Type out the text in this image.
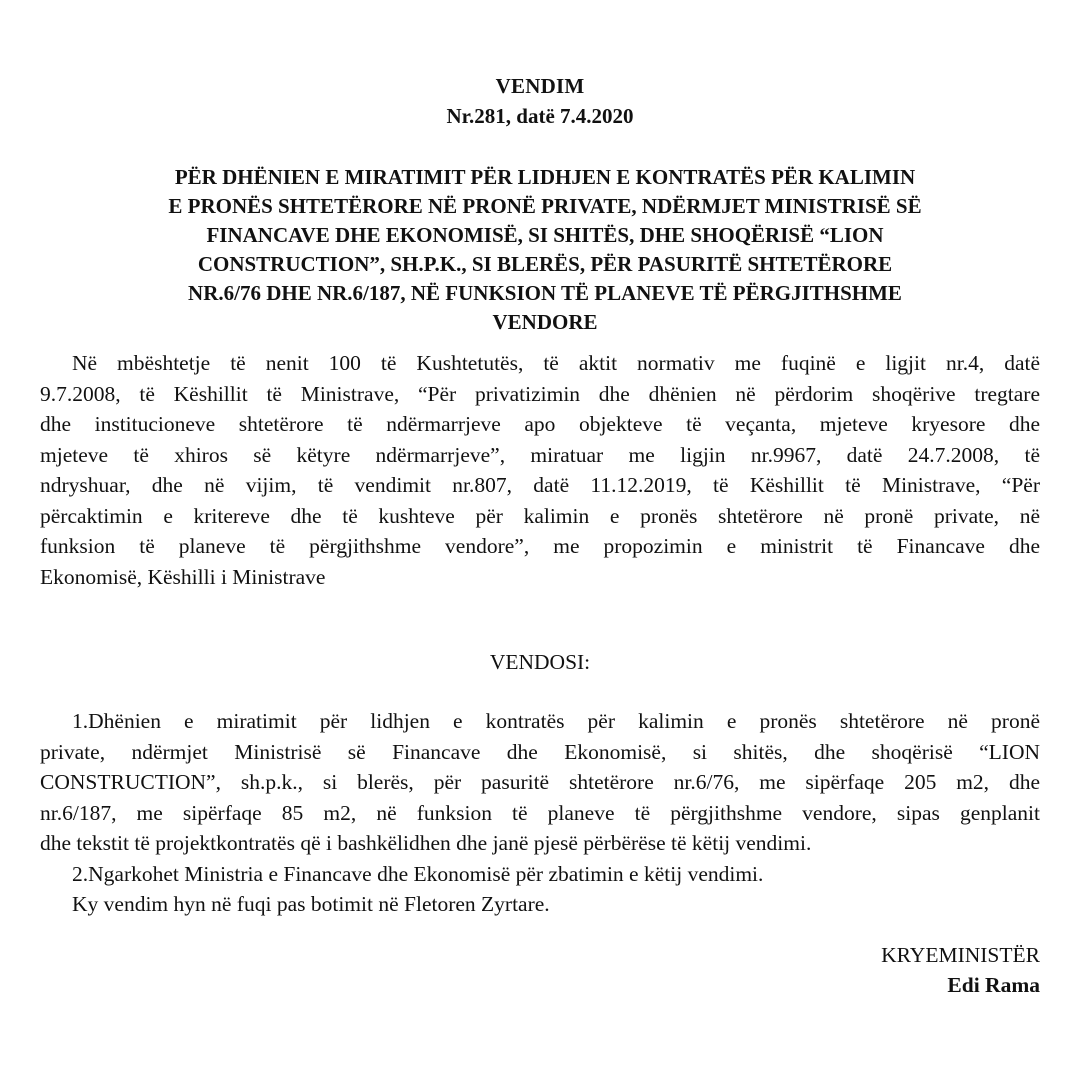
VENDIM
Nr.281, datë 7.4.2020
PËR DHËNIEN E MIRATIMIT PËR LIDHJEN E KONTRATËS PËR KALIMIN
E PRONËS SHTETËRORE NË PRONË PRIVATE, NDËRMJET MINISTRISË SË
FINANCAVE DHE EKONOMISË, SI SHITËS, DHE SHOQËRISË “LION
CONSTRUCTION”, SH.P.K., SI BLERËS, PËR PASURITË SHTETËRORE
NR.6/76 DHE NR.6/187, NË FUNKSION TË PLANEVE TË PËRGJITHSHME
VENDORE
Në mbështetje të nenit 100 të Kushtetutës, të aktit normativ me fuqinë e ligjit nr.4, datë
9.7.2008, të Këshillit të Ministrave, “Për privatizimin dhe dhënien në përdorim shoqërive tregtare
dhe institucioneve shtetërore të ndërmarrjeve apo objekteve të veçanta, mjeteve kryesore dhe
mjeteve të xhiros së këtyre ndërmarrjeve”, miratuar me ligjin nr.9967, datë 24.7.2008, të
ndryshuar, dhe në vijim, të vendimit nr.807, datë 11.12.2019, të Këshillit të Ministrave, “Për
përcaktimin e kritereve dhe të kushteve për kalimin e pronës shtetërore në pronë private, në
funksion të planeve të përgjithshme vendore”, me propozimin e ministrit të Financave dhe
Ekonomisë, Këshilli i Ministrave
VENDOSI:
1.Dhënien e miratimit për lidhjen e kontratës për kalimin e pronës shtetërore në pronë
private, ndërmjet Ministrisë së Financave dhe Ekonomisë, si shitës, dhe shoqërisë “LION
CONSTRUCTION”, sh.p.k., si blerës, për pasuritë shtetërore nr.6/76, me sipërfaqe 205 m2, dhe
nr.6/187, me sipërfaqe 85 m2, në funksion të planeve të përgjithshme vendore, sipas genplanit
dhe tekstit të projektkontratës që i bashkëlidhen dhe janë pjesë përbërëse të këtij vendimi.
2.Ngarkohet Ministria e Financave dhe Ekonomisë për zbatimin e këtij vendimi.
Ky vendim hyn në fuqi pas botimit në Fletoren Zyrtare.
KRYEMINISTËR
Edi Rama
